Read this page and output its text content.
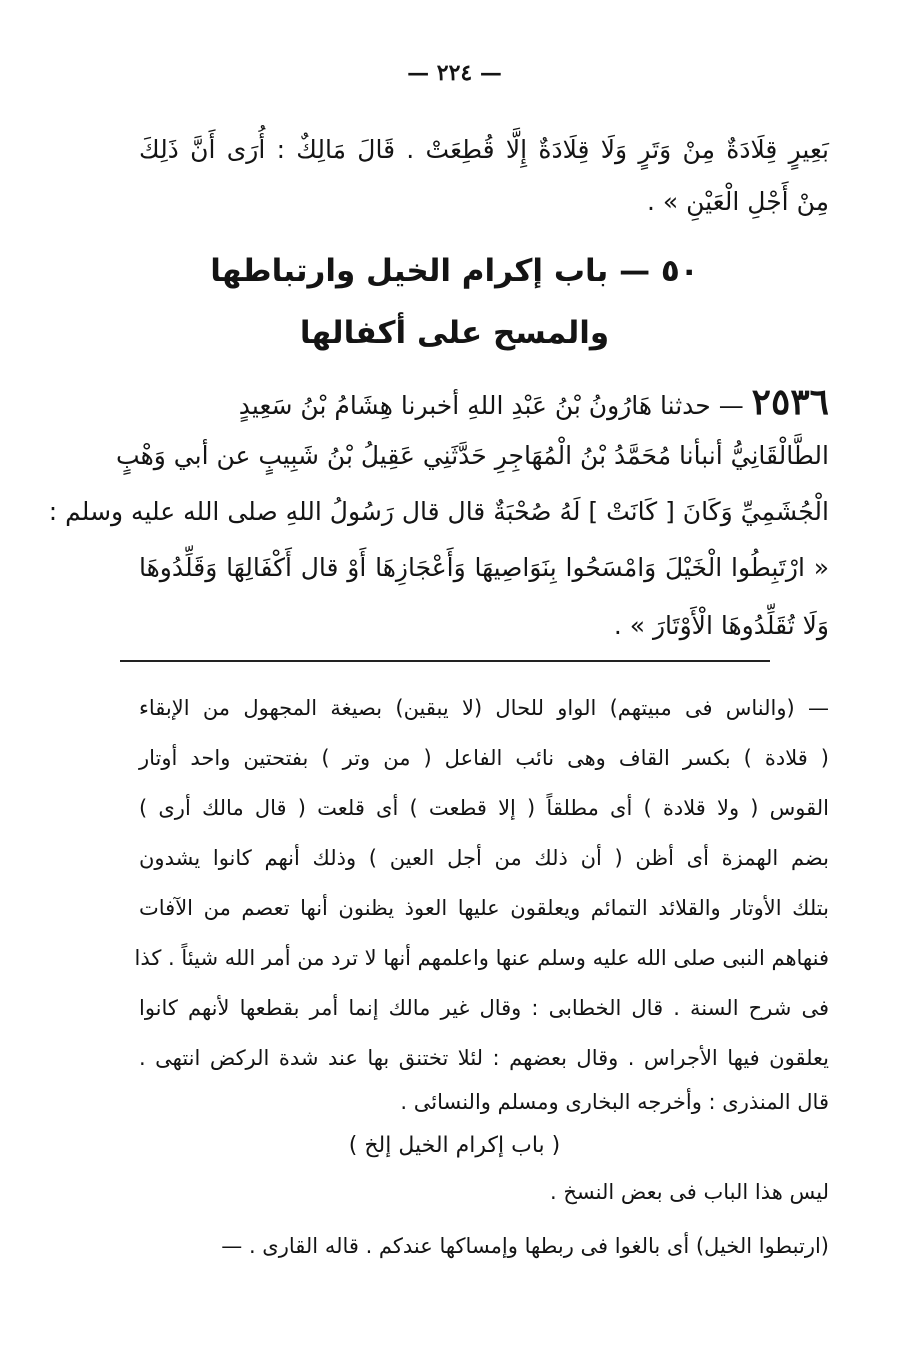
— ٢٢٤ —
بَعِيرٍ قِلَادَةٌ مِنْ وَتَرٍ وَلَا قِلَادَةٌ إِلَّا قُطِعَتْ . قَالَ مَالِكٌ : أُرَى أَنَّ ذَلِكَ
مِنْ أَجْلِ الْعَيْنِ » .
٥٠ — باب إكرام الخيل وارتباطها
والمسح على أكفالها
٢٥٣٦ — حدثنا هَارُونُ بْنُ عَبْدِ اللهِ أخبرنا هِشَامُ بْنُ سَعِيدٍ
الطَّالْقَانِيُّ أنبأنا مُحَمَّدُ بْنُ الْمُهَاجِرِ حَدَّثَنِي عَقِيلُ بْنُ شَبِيبٍ عن أبي وَهْبٍ
الْجُشَمِيِّ وَكَانَ [ كَانَتْ ] لَهُ صُحْبَةٌ قال قال رَسُولُ اللهِ صلى الله عليه وسلم :
« ارْتَبِطُوا الْخَيْلَ وَامْسَحُوا بِنَوَاصِيهَا وَأَعْجَازِهَا أَوْ قال أَكْفَالِهَا وَقَلِّدُوهَا
وَلَا تُقَلِّدُوهَا الْأَوْتَارَ » .
— (والناس فى مبيتهم) الواو للحال (لا يبقين) بصيغة المجهول من الإبقاء
( قلادة ) بكسر القاف وهى نائب الفاعل ( من وتر ) بفتحتين واحد أوتار
القوس ( ولا قلادة ) أى مطلقاً ( إلا قطعت ) أى قلعت ( قال مالك أرى )
بضم الهمزة أى أظن ( أن ذلك من أجل العين ) وذلك أنهم كانوا يشدون
بتلك الأوتار والقلائد التمائم ويعلقون عليها العوذ يظنون أنها تعصم من الآفات
فنهاهم النبى صلى الله عليه وسلم عنها واعلمهم أنها لا ترد من أمر الله شيئاً . كذا
فى شرح السنة . قال الخطابى : وقال غير مالك إنما أمر بقطعها لأنهم كانوا
يعلقون فيها الأجراس . وقال بعضهم : لئلا تختنق بها عند شدة الركض انتهى .
قال المنذرى : وأخرجه البخارى ومسلم والنسائى .
( باب إكرام الخيل إلخ )
ليس هذا الباب فى بعض النسخ .
(ارتبطوا الخيل) أى بالغوا فى ربطها وإمساكها عندكم . قاله القارى . —
